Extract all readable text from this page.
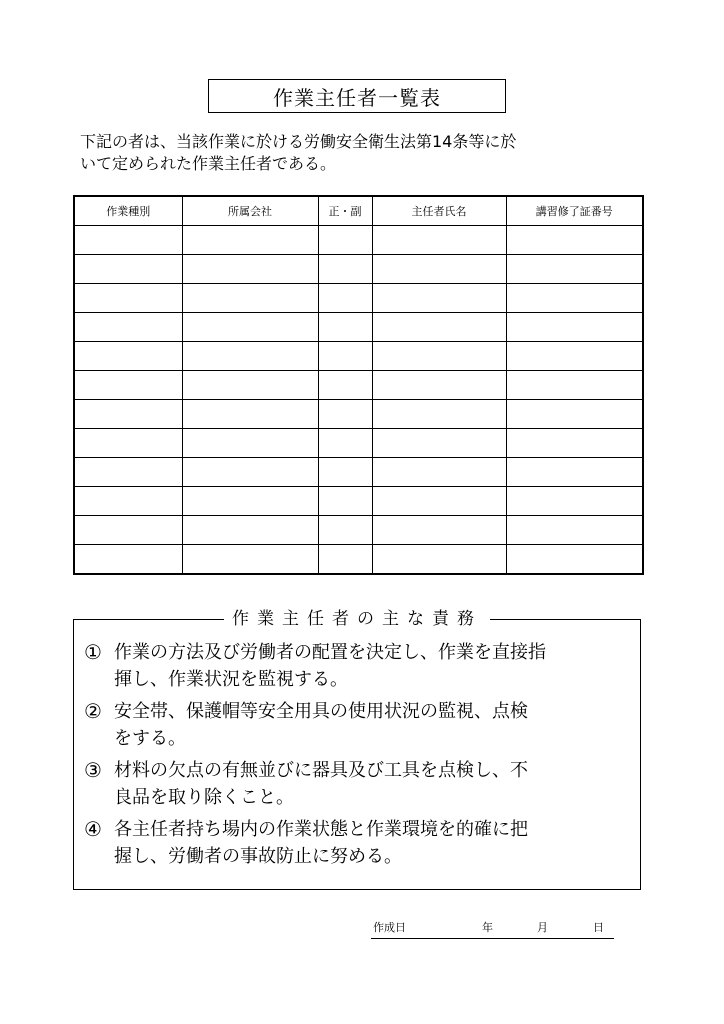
作業主任者一覧表
下記の者は、当該作業に於ける労働安全衛生法第14条等に於
いて定められた作業主任者である。
作業種別	所属会社	正・副	主任者氏名	講習修了証番号

作業主任者の主な責務
① 作業の方法及び労働者の配置を決定し、作業を直接指
揮し、作業状況を監視する。
② 安全帯、保護帽等安全用具の使用状況の監視、点検
をする。
③ 材料の欠点の有無並びに器具及び工具を点検し、不
良品を取り除くこと。
④ 各主任者持ち場内の作業状態と作業環境を的確に把
握し、労働者の事故防止に努める。
作成日	年	月	日
